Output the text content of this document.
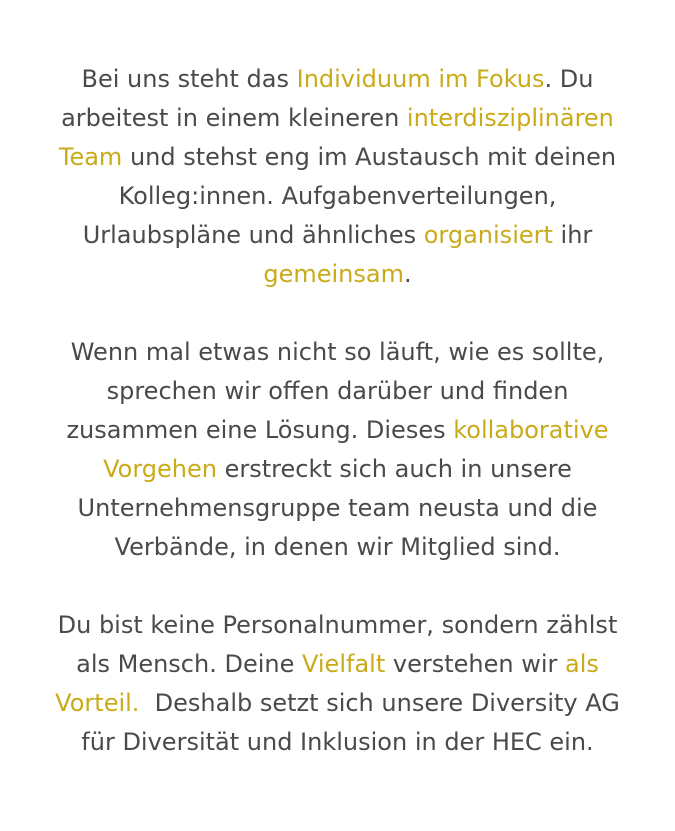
Bei uns steht das Individuum im Fokus. Du
arbeitest in einem kleineren interdisziplinären
Team und stehst eng im Austausch mit deinen
Kolleg:innen. Aufgabenverteilungen,
Urlaubspläne und ähnliches organisiert ihr
gemeinsam.

Wenn mal etwas nicht so läuft, wie es sollte,
sprechen wir offen darüber und finden
zusammen eine Lösung. Dieses kollaborative
Vorgehen erstreckt sich auch in unsere
Unternehmensgruppe team neusta und die
Verbände, in denen wir Mitglied sind.

Du bist keine Personalnummer, sondern zählst
als Mensch. Deine Vielfalt verstehen wir als
Vorteil.  Deshalb setzt sich unsere Diversity AG
für Diversität und Inklusion in der HEC ein.
